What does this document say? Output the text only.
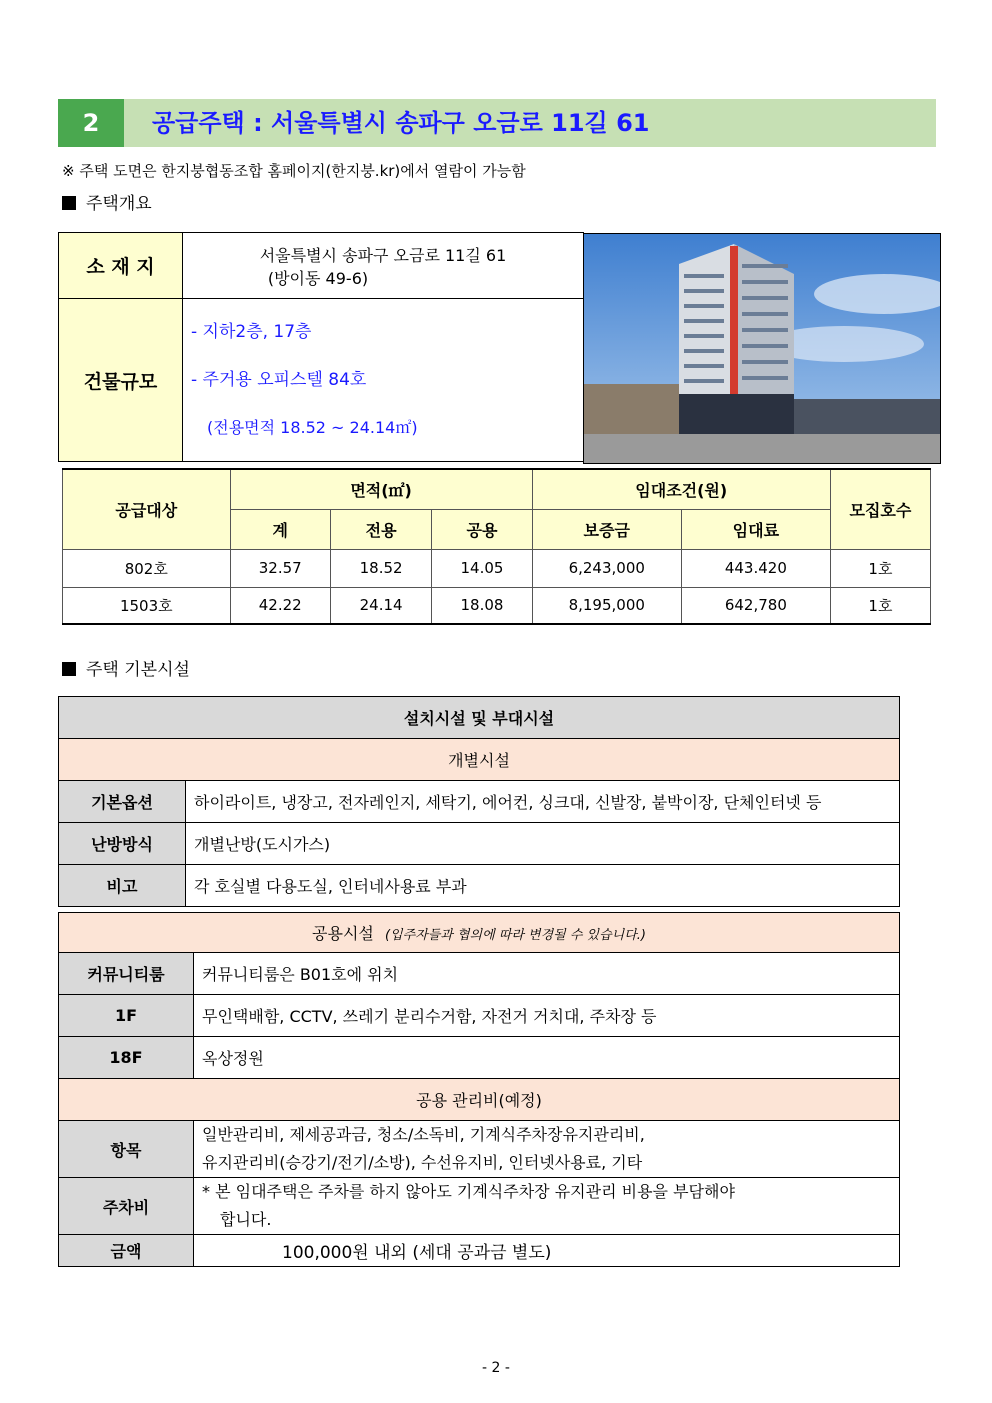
2	공급주택 : 서울특별시 송파구 오금로 11길 61
※ 주택 도면은 한지붕협동조합 홈페이지(한지붕.kr)에서 열람이 가능함
주택개요
소 재 지	서울특별시 송파구 오금로 11길 61
(방이동 49-6)

건물규모	- 지하2층, 17층
- 주거용 오피스텔 84호
(전용면적 18.52 ~ 24.14㎡)
공급대상	면적(㎡)			임대조건(원)		모집호수
	계	전용	공용	보증금	임대료	
802호	32.57	18.52	14.05	6,243,000	443.420	1호
1503호	42.22	24.14	18.08	8,195,000	642,780	1호
주택 기본시설
설치시설 및 부대시설	
개별시설	
기본옵션	하이라이트, 냉장고, 전자레인지, 세탁기, 에어컨, 싱크대, 신발장, 붙박이장, 단체인터넷 등
난방방식	개별난방(도시가스)
비고	각 호실별 다용도실, 인터네사용료 부과
공용시설 (입주자들과 협의에 따라 변경될 수 있습니다.)	
커뮤니티룸	커뮤니티룸은 B01호에 위치
1F	무인택배함, CCTV, 쓰레기 분리수거함, 자전거 거치대, 주차장 등
18F	옥상정원
공용 관리비(예정)	
항목	일반관리비, 제세공과금, 청소/소독비, 기계식주차장유지관리비,
유지관리비(승강기/전기/소방), 수선유지비, 인터넷사용료, 기타

주차비	* 본 임대주택은 주차를 하지 않아도 기계식주차장 유지관리 비용을 부담해야
합니다.

금액	100,000원 내외 (세대 공과금 별도)
- 2 -
